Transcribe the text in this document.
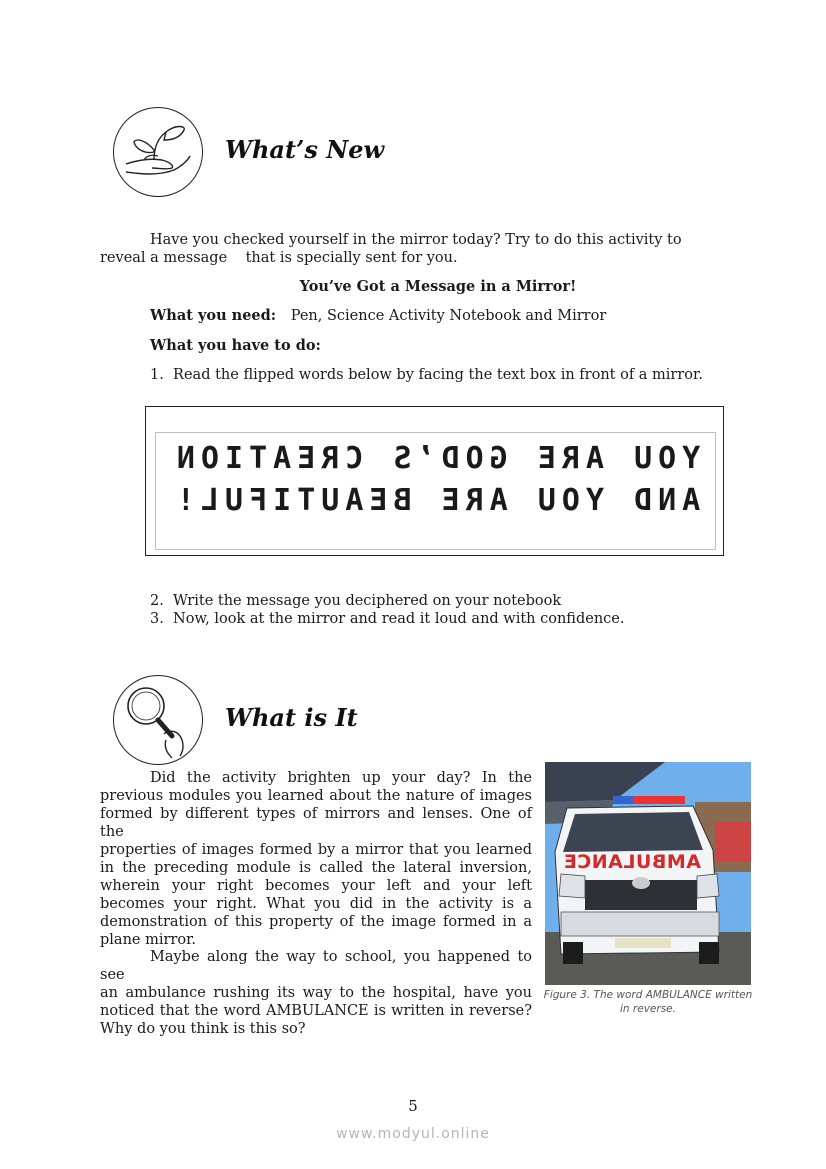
What’s New
Have you checked yourself in the mirror today? Try to do this activity to
reveal a message    that is specially sent for you.
You’ve Got a Message in a Mirror!
What you need: Pen, Science Activity Notebook and Mirror
What you have to do:
1.  Read the flipped words below by facing the text box in front of a mirror.
YOU ARE GOD’S CREATION
AND YOU ARE BEAUTIFUL!
2.  Write the message you deciphered on your notebook
3.  Now, look at the mirror and read it loud and with confidence.
What is It
Did the activity brighten up your day? In the
previous modules you learned about the nature of images
formed by different types of mirrors and lenses. One of the
properties of images formed by a mirror that you learned
in the preceding module is called the lateral inversion,
wherein your right becomes your left and your left
becomes your right. What you did in the activity is a
demonstration of this property of the image formed in a
plane mirror.
Maybe along the way to school, you happened to see
an ambulance rushing its way to the hospital, have you
noticed that the word AMBULANCE is written in reverse?
Why do you think is this so?
AMBULANCE
Figure 3. The word AMBULANCE written
in reverse.
5
www.modyul.online
